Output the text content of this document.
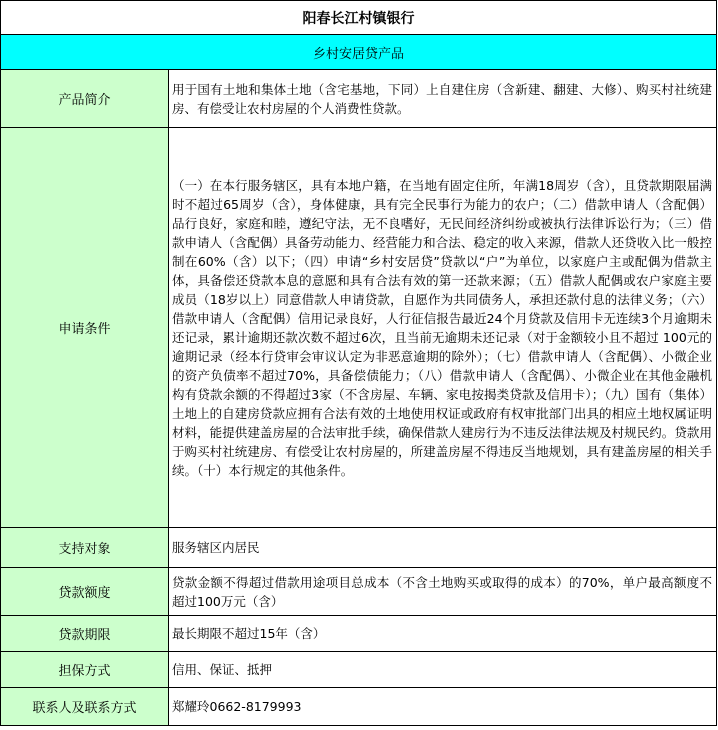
阳春长江村镇银行	
乡村安居贷产品	
产品简介	用于国有土地和集体土地（含宅基地，下同）上自建住房（含新建、翻建、大修）、购买村社统建房、有偿受让农村房屋的个人消费性贷款。
申请条件	（一）在本行服务辖区，具有本地户籍，在当地有固定住所，年满18周岁（含），且贷款期限届满时不超过65周岁（含），身体健康，具有完全民事行为能力的农户；（二）借款申请人（含配偶）品行良好，家庭和睦，遵纪守法，无不良嗜好，无民间经济纠纷或被执行法律诉讼行为；（三）借款申请人（含配偶）具备劳动能力、经营能力和合法、稳定的收入来源，借款人还贷收入比一般控制在60%（含）以下；（四）申请“乡村安居贷”贷款以“户”为单位，以家庭户主或配偶为借款主体，具备偿还贷款本息的意愿和具有合法有效的第一还款来源；（五）借款人配偶或农户家庭主要成员（18岁以上）同意借款人申请贷款，自愿作为共同债务人，承担还款付息的法律义务；（六）借款申请人（含配偶）信用记录良好，人行征信报告最近24个月贷款及信用卡无连续3个月逾期未还记录，累计逾期还款次数不超过6次，且当前无逾期未还记录（对于金额较小且不超过 100元的逾期记录（经本行贷审会审议认定为非恶意逾期的除外）；（七）借款申请人（含配偶）、小微企业的资产负债率不超过70%，具备偿债能力；（八）借款申请人（含配偶）、小微企业在其他金融机构有贷款余额的不得超过3家（不含房屋、车辆、家电按揭类贷款及信用卡）；（九）国有（集体）土地上的自建房贷款应拥有合法有效的土地使用权证或政府有权审批部门出具的相应土地权属证明材料，能提供建盖房屋的合法审批手续，确保借款人建房行为不违反法律法规及村规民约。贷款用于购买村社统建房、有偿受让农村房屋的，所建盖房屋不得违反当地规划，具有建盖房屋的相关手续。（十）本行规定的其他条件。
支持对象	服务辖区内居民
贷款额度	贷款金额不得超过借款用途项目总成本（不含土地购买或取得的成本）的70%，单户最高额度不超过100万元（含）
贷款期限	最长期限不超过15年（含）
担保方式	信用、保证、抵押
联系人及联系方式	郑耀玲0662-8179993
